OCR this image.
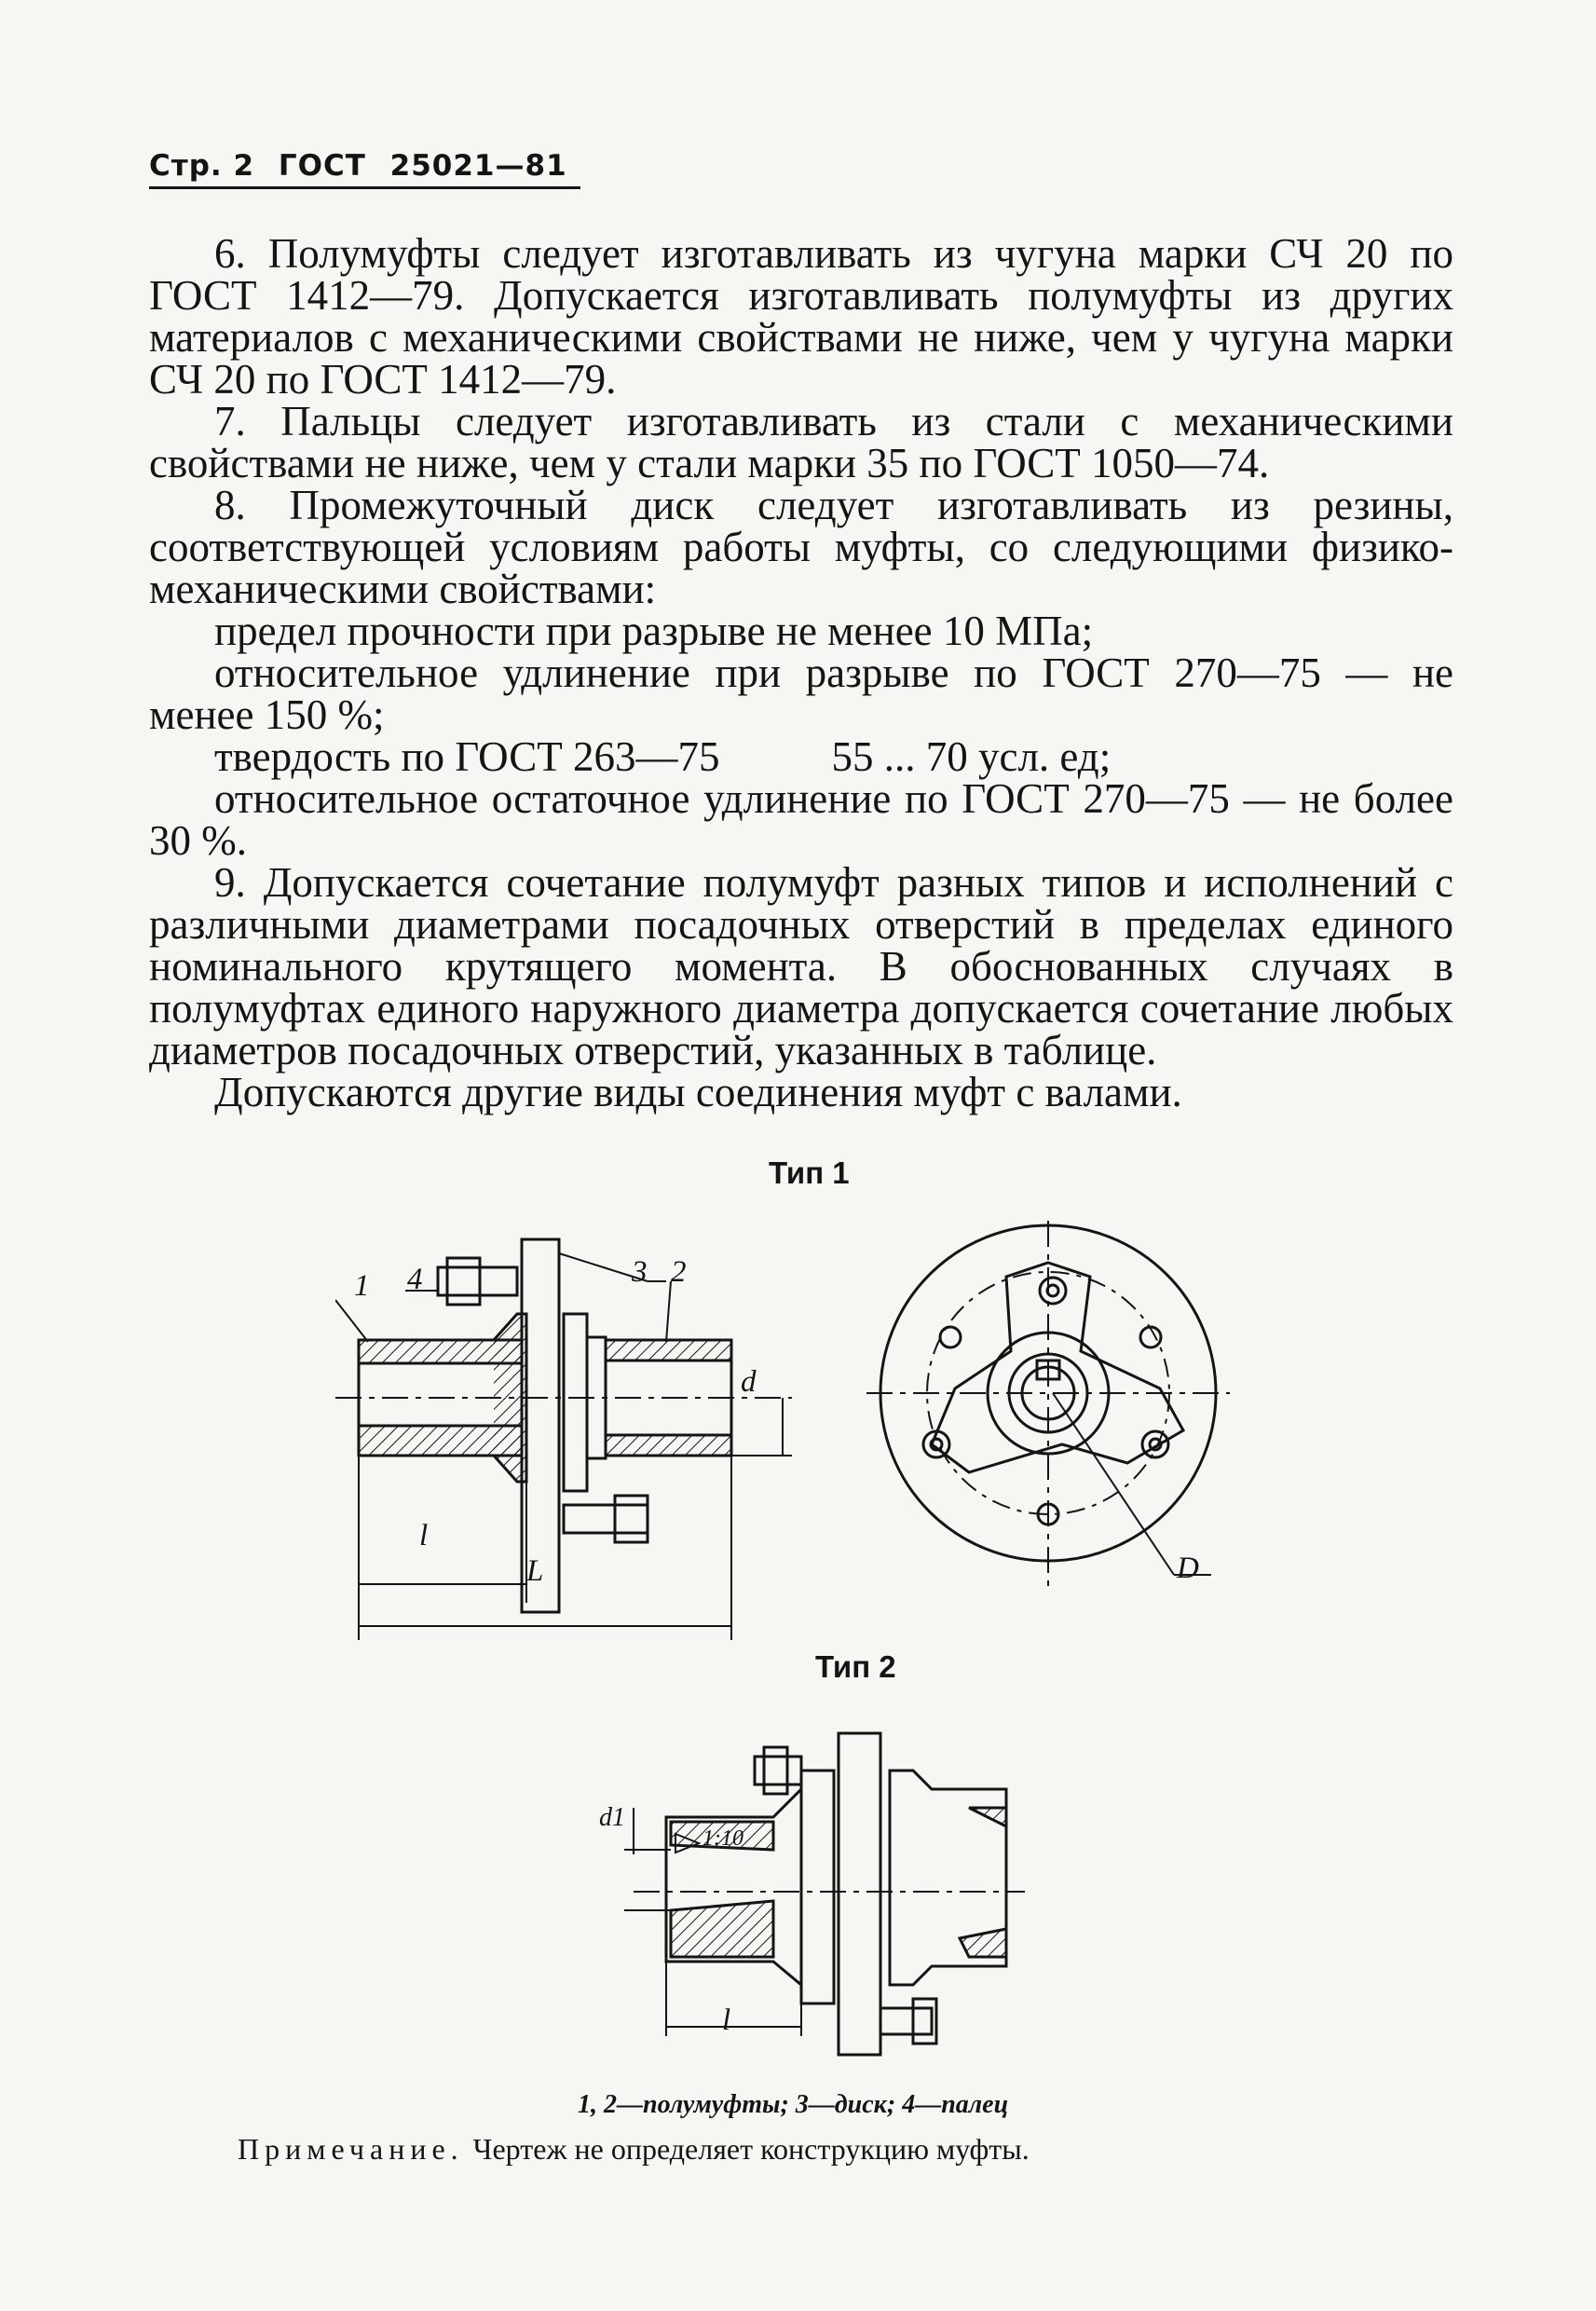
Стр. 2 ГОСТ 25021—81

6. Полумуфты следует изготавливать из чугуна марки СЧ 20 по ГОСТ 1412—79. Допускается изготавливать полумуфты из других материалов с механическими свойствами не ниже, чем у чугуна марки СЧ 20 по ГОСТ 1412—79.

7. Пальцы следует изготавливать из стали с механическими свойствами не ниже, чем у стали марки 35 по ГОСТ 1050—74.

8. Промежуточный диск следует изготавливать из резины, соответствующей условиям работы муфты, со следующими физико-механическими свойствами:

предел прочности при разрыве не менее 10 МПа;

относительное удлинение при разрыве по ГОСТ 270—75 — не менее 150 %;

твердость по ГОСТ 263—75	55 ... 70 усл. ед;

относительное остаточное удлинение по ГОСТ 270—75 — не более 30 %.

9. Допускается сочетание полумуфт разных типов и исполнений с различными диаметрами посадочных отверстий в пределах единого номинального крутящего момента. В обоснованных случаях в полумуфтах единого наружного диаметра допускается сочетание любых диаметров посадочных отверстий, указанных в таблице.

Допускаются другие виды соединения муфт с валами.

Тип 1
1 4	3 2
d
l
L	D
Тип 2
d1
1:10
l
1, 2—полумуфты; 3—диск; 4—палец
Примечание. Чертеж не определяет конструкцию муфты.
